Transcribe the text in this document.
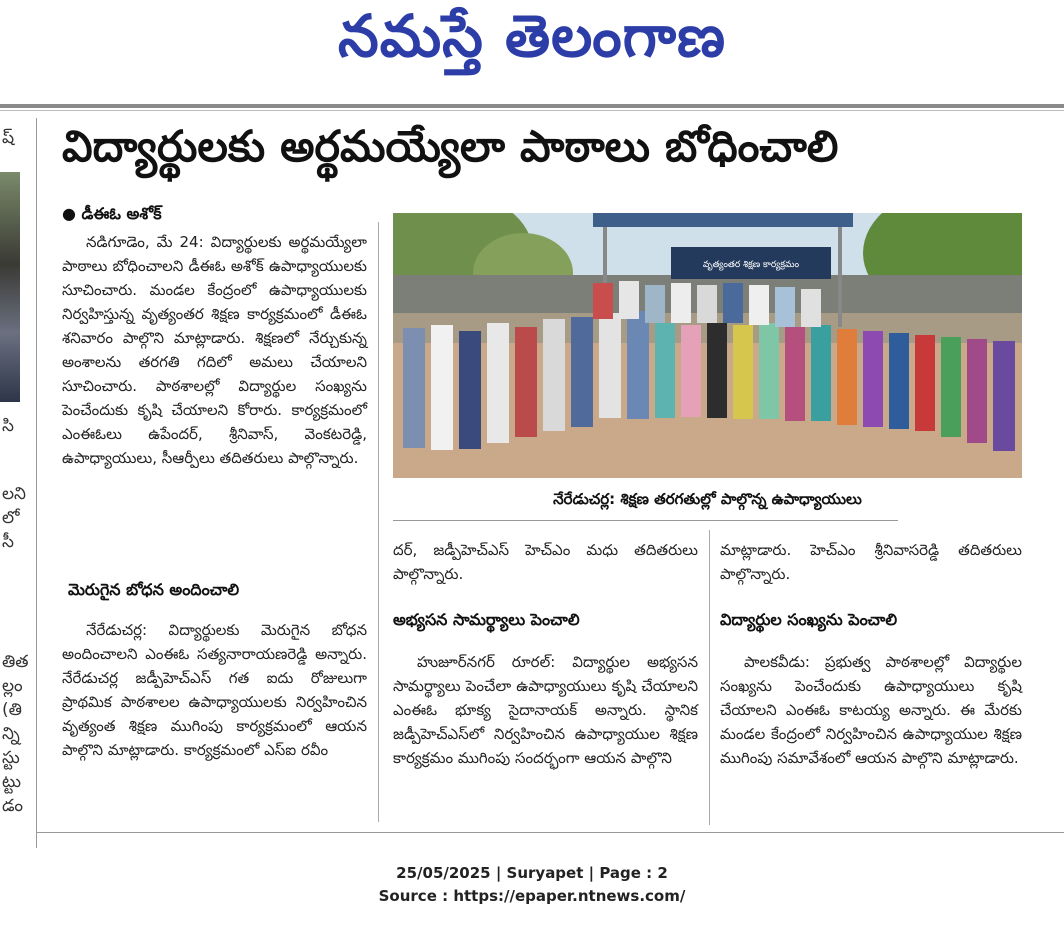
నమస్తే తెలంగాణ
ష్
సి
లని
లో
సీ
తిత
ల్లం
(తి
న్ని
స్టు
ట్టు
డం
విద్యార్థులకు అర్థమయ్యేలా పాఠాలు బోధించాలి
● డీఈఓ అశోక్

నడిగూడెం, మే 24: విద్యార్థులకు అర్థమయ్యేలా పాఠాలు బోధించాలని డీఈఓ అశోక్ ఉపాధ్యాయులకు సూచించారు. మండల కేంద్రంలో ఉపాధ్యాయులకు నిర్వహిస్తున్న వృత్యంతర శిక్షణ కార్యక్రమంలో డీఈఓ శనివారం పాల్గొని మాట్లాడారు. శిక్షణలో నేర్చుకున్న అంశాలను తరగతి గదిలో అమలు చేయాలని సూచించారు. పాఠశాలల్లో విద్యార్థుల సంఖ్యను పెంచేందుకు కృషి చేయాలని కోరారు. కార్యక్రమంలో ఎంఈఓలు ఉపేందర్, శ్రీనివాస్, వెంకటరెడ్డి, ఉపాధ్యాయులు, సీఆర్పీలు తదితరులు పాల్గొన్నారు.

మెరుగైన బోధన అందించాలి

నేరేడుచర్ల: విద్యార్థులకు మెరుగైన బోధన అందించాలని ఎంఈఓ సత్యనారాయణరెడ్డి అన్నారు. నేరేడుచర్ల జడ్పీహెచ్ఎస్ గత ఐదు రోజులుగా ప్రాథమిక పాఠశాలల ఉపాధ్యాయులకు నిర్వహించిన వృత్యంత శిక్షణ ముగింపు కార్యక్రమంలో ఆయన పాల్గొని మాట్లాడారు. కార్యక్రమంలో ఎస్ఐ రవీం

వృత్యంతర శిక్షణ కార్యక్రమం
నేరేడుచర్ల: శిక్షణ తరగతుల్లో పాల్గొన్న ఉపాధ్యాయులు

దర్, జడ్పీహెచ్ఎస్ హెచ్ఎం మధు తదితరులు పాల్గొన్నారు.

అభ్యసన సామర్థ్యాలు పెంచాలి

హుజూర్‌నగర్ రూరల్: విద్యార్థుల అభ్యసన సామర్థ్యాలు పెంచేలా ఉపాధ్యాయులు కృషి చేయాలని ఎంఈఓ భూక్య సైదానాయక్ అన్నారు. స్థానిక జడ్పీహెచ్ఎస్‌లో నిర్వహించిన ఉపాధ్యాయుల శిక్షణ కార్యక్రమం ముగింపు సందర్భంగా ఆయన పాల్గొని

మాట్లాడారు. హెచ్ఎం శ్రీనివాసరెడ్డి తదితరులు పాల్గొన్నారు.

విద్యార్థుల సంఖ్యను పెంచాలి

పాలకవీడు: ప్రభుత్వ పాఠశాలల్లో విద్యార్థుల సంఖ్యను పెంచేందుకు ఉపాధ్యాయులు కృషి చేయాలని ఎంఈఓ కాటయ్య అన్నారు. ఈ మేరకు మండల కేంద్రంలో నిర్వహించిన ఉపాధ్యాయుల శిక్షణ ముగింపు సమావేశంలో ఆయన పాల్గొని మాట్లాడారు.

25/05/2025 | Suryapet | Page : 2
Source : https://epaper.ntnews.com/
